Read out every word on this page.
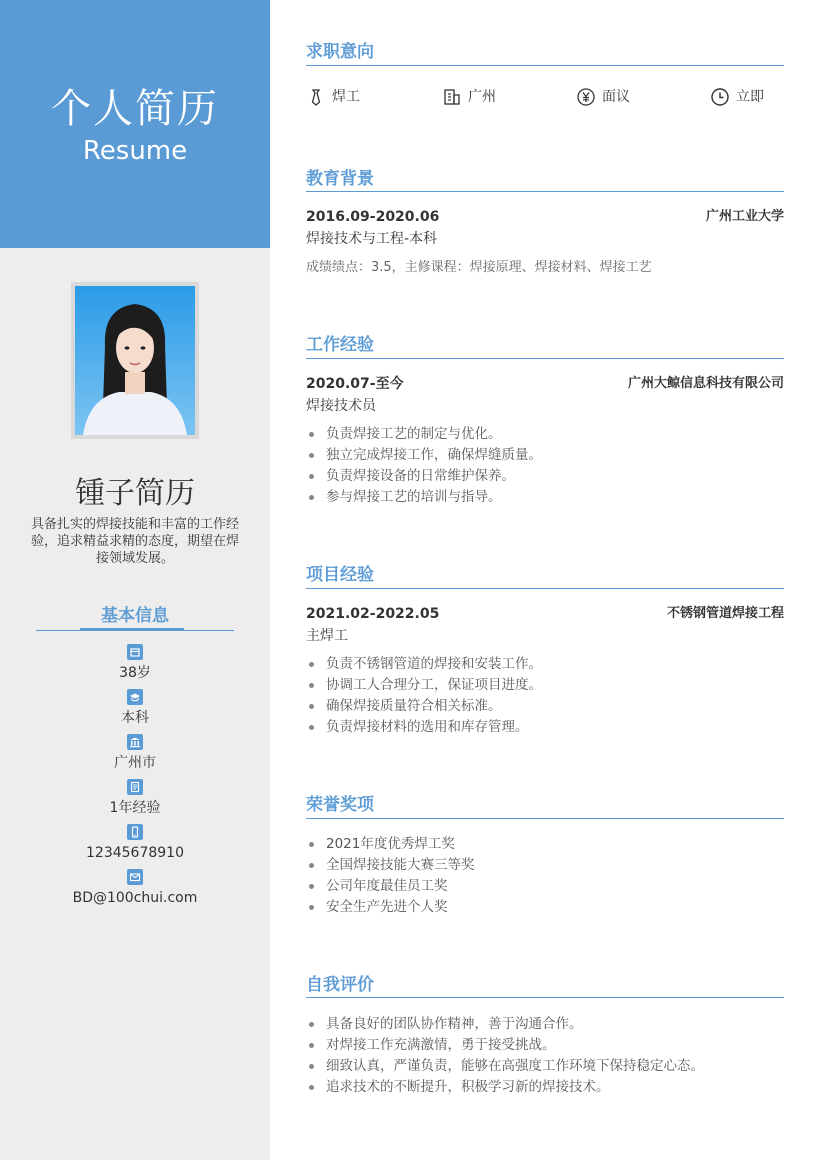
个人简历
Resume
锺子简历
具备扎实的焊接技能和丰富的工作经验，追求精益求精的态度，期望在焊接领域发展。
基本信息
38岁
本科
广州市
1年经验
12345678910
BD@100chui.com
求职意向
焊工	广州	面议	立即
教育背景
2016.09-2020.06	广州工业大学
焊接技术与工程-本科
成绩绩点：3.5，主修课程：焊接原理、焊接材料、焊接工艺
工作经验
2020.07-至今	广州大鲸信息科技有限公司
焊接技术员
负责焊接工艺的制定与优化。
独立完成焊接工作，确保焊缝质量。
负责焊接设备的日常维护保养。
参与焊接工艺的培训与指导。
项目经验
2021.02-2022.05	不锈钢管道焊接工程
主焊工
负责不锈钢管道的焊接和安装工作。
协调工人合理分工，保证项目进度。
确保焊接质量符合相关标准。
负责焊接材料的选用和库存管理。
荣誉奖项
2021年度优秀焊工奖
全国焊接技能大赛三等奖
公司年度最佳员工奖
安全生产先进个人奖
自我评价
具备良好的团队协作精神，善于沟通合作。
对焊接工作充满激情，勇于接受挑战。
细致认真，严谨负责，能够在高强度工作环境下保持稳定心态。
追求技术的不断提升，积极学习新的焊接技术。
